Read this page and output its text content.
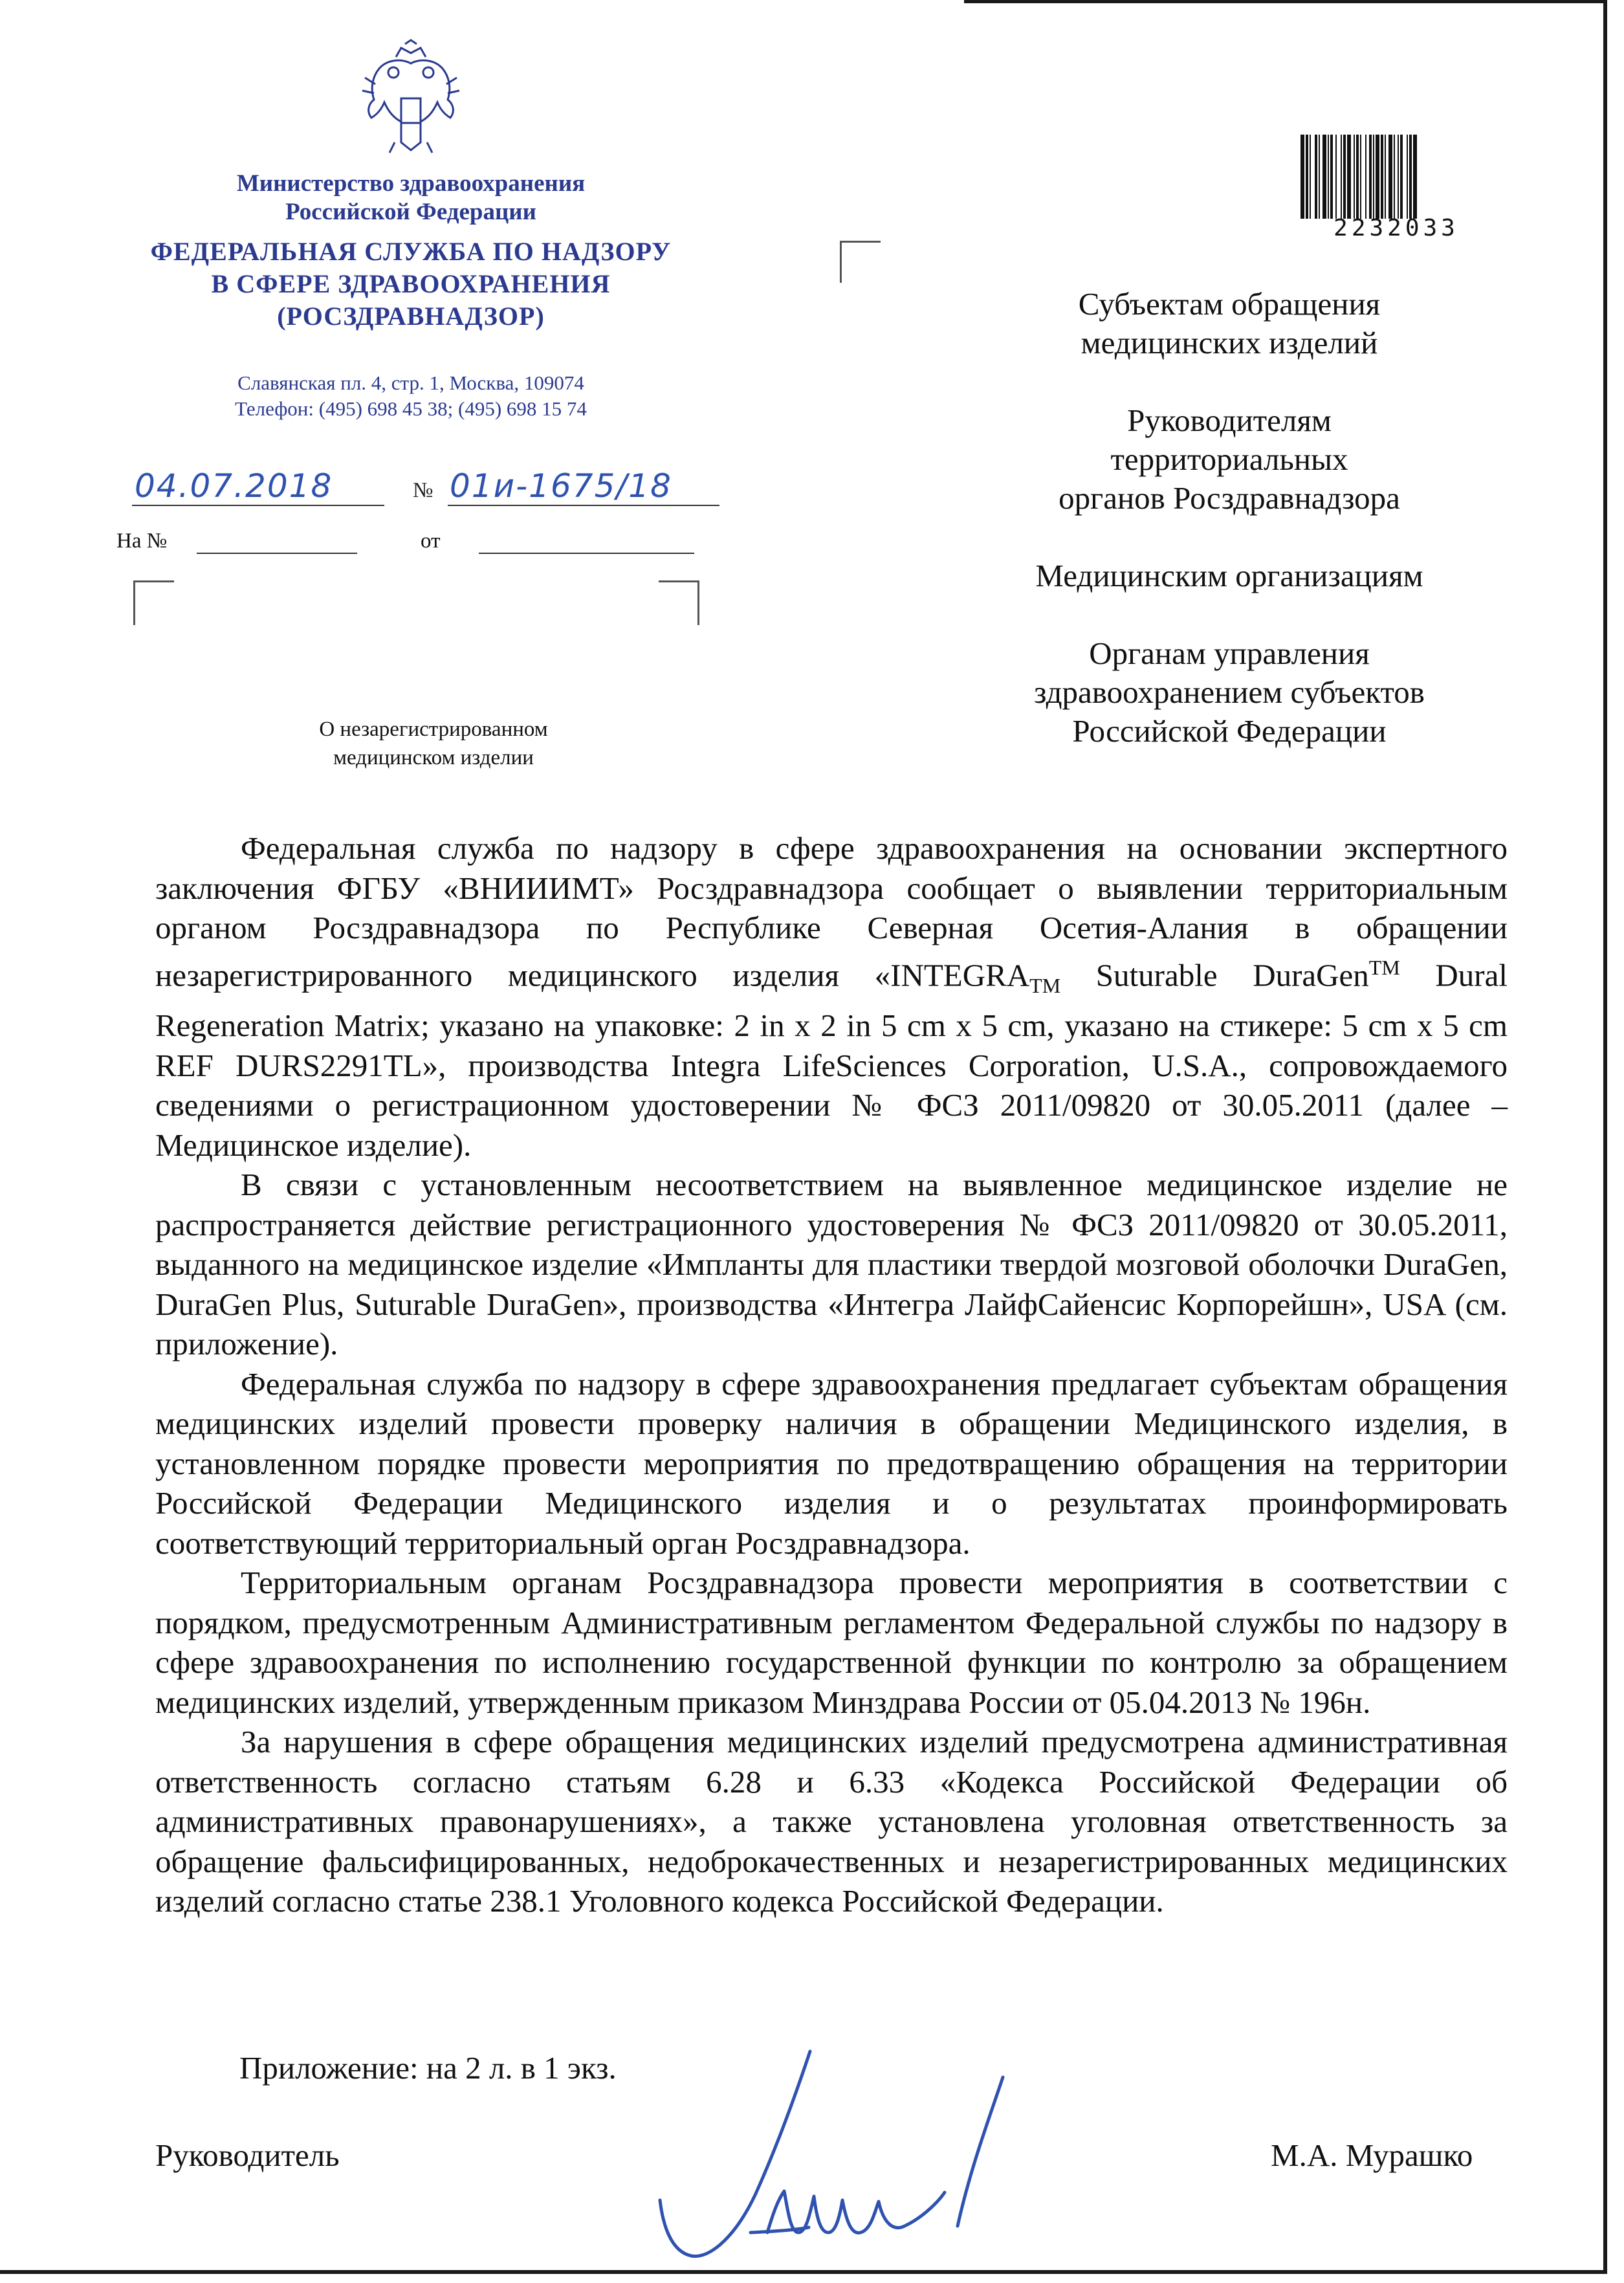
Министерство здравоохранения
Российской Федерации
ФЕДЕРАЛЬНАЯ СЛУЖБА ПО НАДЗОРУ
В СФЕРЕ ЗДРАВООХРАНЕНИЯ
(РОСЗДРАВНАДЗОР)
Славянская пл. 4, стр. 1, Москва, 109074
Телефон: (495) 698 45 38; (495) 698 15 74
04.07.2018	№ 01и-1675/18
На №	от
О незарегистрированном
медицинском изделии
2232033
Субъектам обращения
медицинских изделий
Руководителям
территориальных
органов Росздравнадзора
Медицинским организациям
Органам управления
здравоохранением субъектов
Российской Федерации

Федеральная служба по надзору в сфере здравоохранения на основании экспертного заключения ФГБУ «ВНИИИМТ» Росздравнадзора сообщает о выявлении территориальным органом Росздравнадзора по Республике Северная Осетия-Алания в обращении незарегистрированного медицинского изделия «$INTEGRA_{TM}$ Suturable DuraGen™ Dural Regeneration Matrix; указано на упаковке: 2 in x 2 in 5 cm x 5 cm, указано на стикере: 5 cm x 5 cm REF DURS2291TL», производства Integra LifeSciences Corporation, U.S.A., сопровождаемого сведениями о регистрационном удостоверении № ФСЗ 2011/09820 от 30.05.2011 (далее – Медицинское изделие).

В связи с установленным несоответствием на выявленное медицинское изделие не распространяется действие регистрационного удостоверения № ФСЗ 2011/09820 от 30.05.2011, выданного на медицинское изделие «Импланты для пластики твердой мозговой оболочки DuraGen, DuraGen Plus, Suturable DuraGen», производства «Интегра ЛайфСайенсис Корпорейшн», USA (см. приложение).

Федеральная служба по надзору в сфере здравоохранения предлагает субъектам обращения медицинских изделий провести проверку наличия в обращении Медицинского изделия, в установленном порядке провести мероприятия по предотвращению обращения на территории Российской Федерации Медицинского изделия и о результатах проинформировать соответствующий территориальный орган Росздравнадзора.

Территориальным органам Росздравнадзора провести мероприятия в соответствии с порядком, предусмотренным Административным регламентом Федеральной службы по надзору в сфере здравоохранения по исполнению государственной функции по контролю за обращением медицинских изделий, утвержденным приказом Минздрава России от 05.04.2013 № 196н.

За нарушения в сфере обращения медицинских изделий предусмотрена административная ответственность согласно статьям 6.28 и 6.33 «Кодекса Российской Федерации об административных правонарушениях», а также установлена уголовная ответственность за обращение фальсифицированных, недоброкачественных и незарегистрированных медицинских изделий согласно статье 238.1 Уголовного кодекса Российской Федерации.

Приложение: на 2 л. в 1 экз.
Руководитель	М.А. Мурашко
